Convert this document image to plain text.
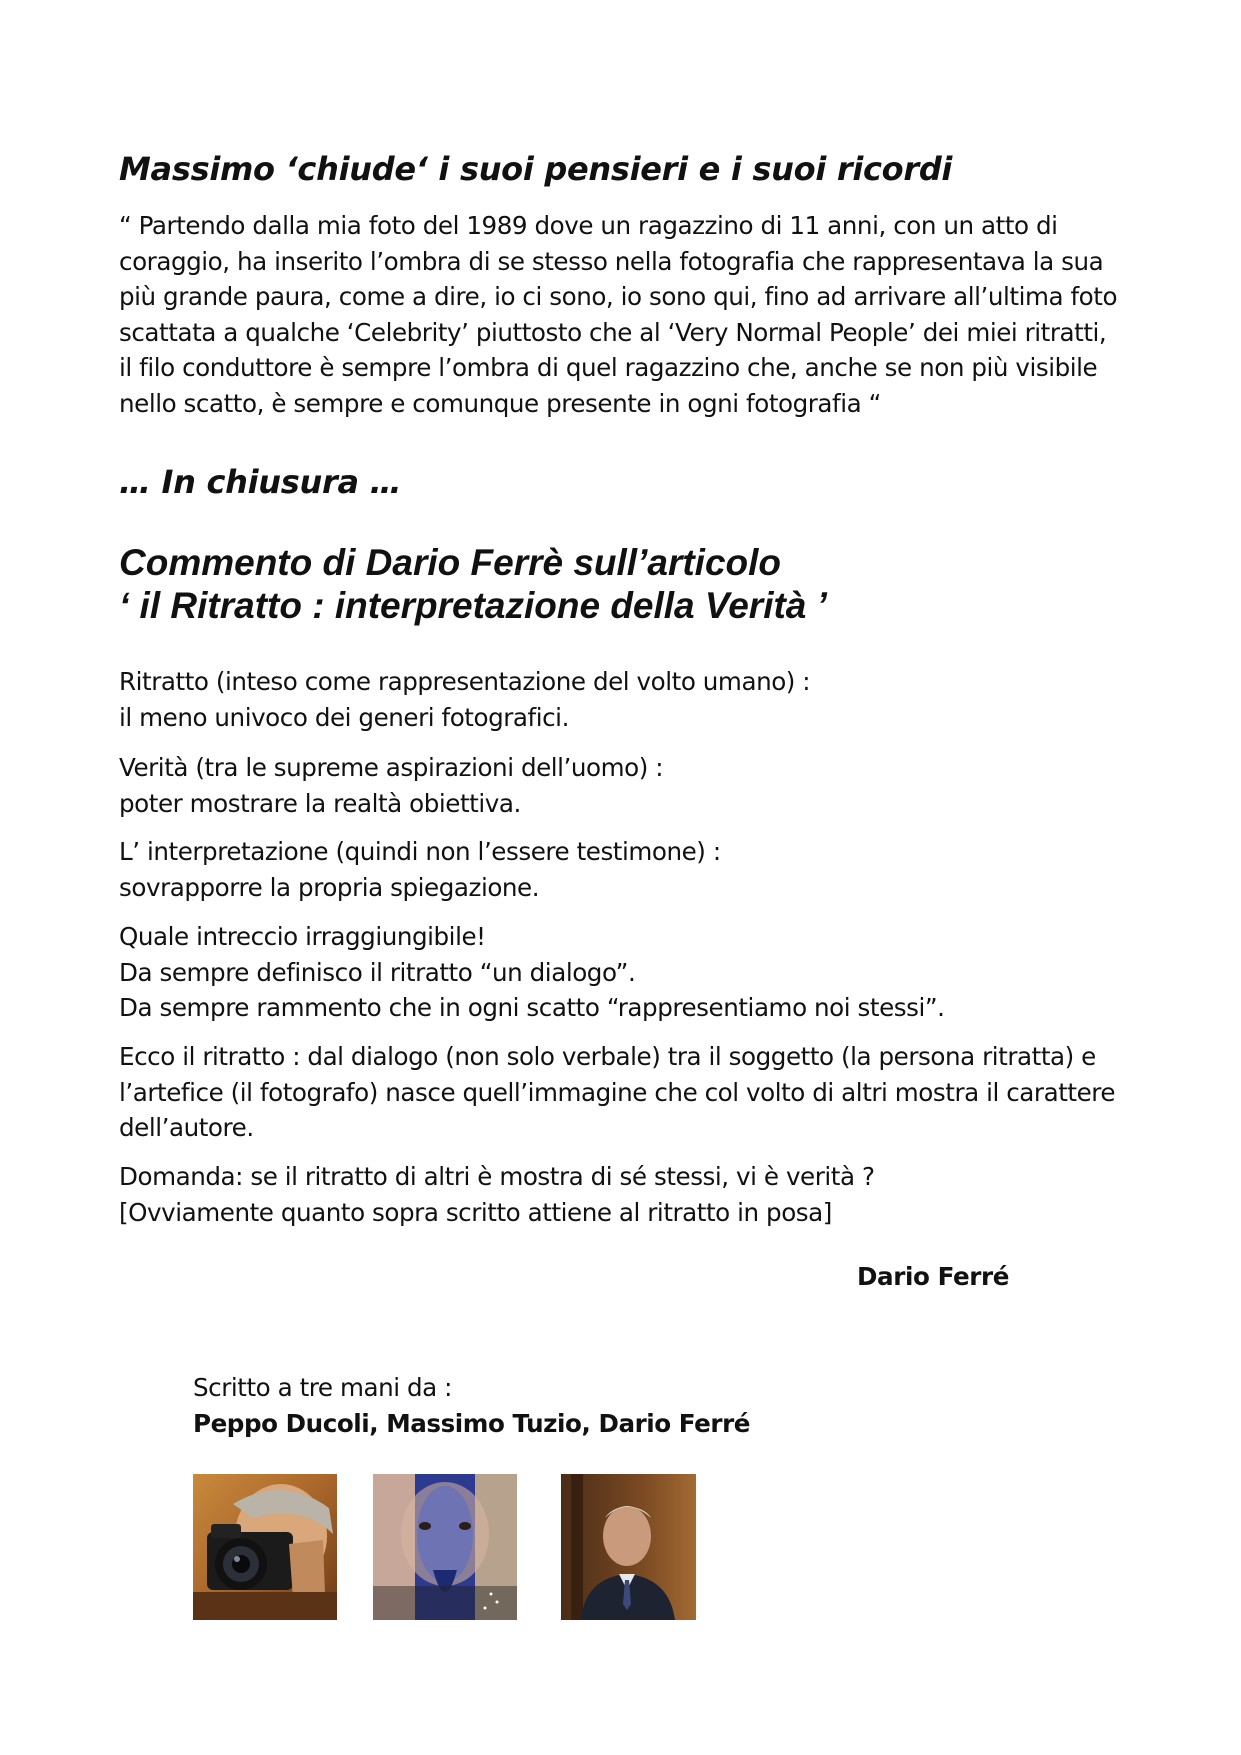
Massimo ‘chiude‘ i suoi pensieri e i suoi ricordi
“ Partendo dalla mia foto del 1989 dove un ragazzino di 11 anni, con un atto di
coraggio, ha inserito l’ombra di se stesso nella fotografia che rappresentava la sua
più grande paura, come a dire, io ci sono, io sono qui, fino ad arrivare all’ultima foto
scattata a qualche ‘Celebrity’ piuttosto che al ‘Very Normal People’ dei miei ritratti,
il filo conduttore è sempre l’ombra di quel ragazzino che, anche se non più visibile
nello scatto, è sempre e comunque presente in ogni fotografia “
… In chiusura …
Commento di Dario Ferrè sull’articolo
‘ il Ritratto : interpretazione della Verità ’
Ritratto (inteso come rappresentazione del volto umano) :
il meno univoco dei generi fotografici.
Verità (tra le supreme aspirazioni dell’uomo) :
poter mostrare la realtà obiettiva.
L’ interpretazione (quindi non l’essere testimone) :
sovrapporre la propria spiegazione.
Quale intreccio irraggiungibile!
Da sempre definisco il ritratto “un dialogo”.
Da sempre rammento che in ogni scatto “rappresentiamo noi stessi”.
Ecco il ritratto : dal dialogo (non solo verbale) tra il soggetto (la persona ritratta) e
l’artefice (il fotografo) nasce quell’immagine che col volto di altri mostra il carattere
dell’autore.
Domanda: se il ritratto di altri è mostra di sé stessi, vi è verità ?
[Ovviamente quanto sopra scritto attiene al ritratto in posa]
Dario Ferré
Scritto a tre mani da :
Peppo Ducoli, Massimo Tuzio, Dario Ferré
